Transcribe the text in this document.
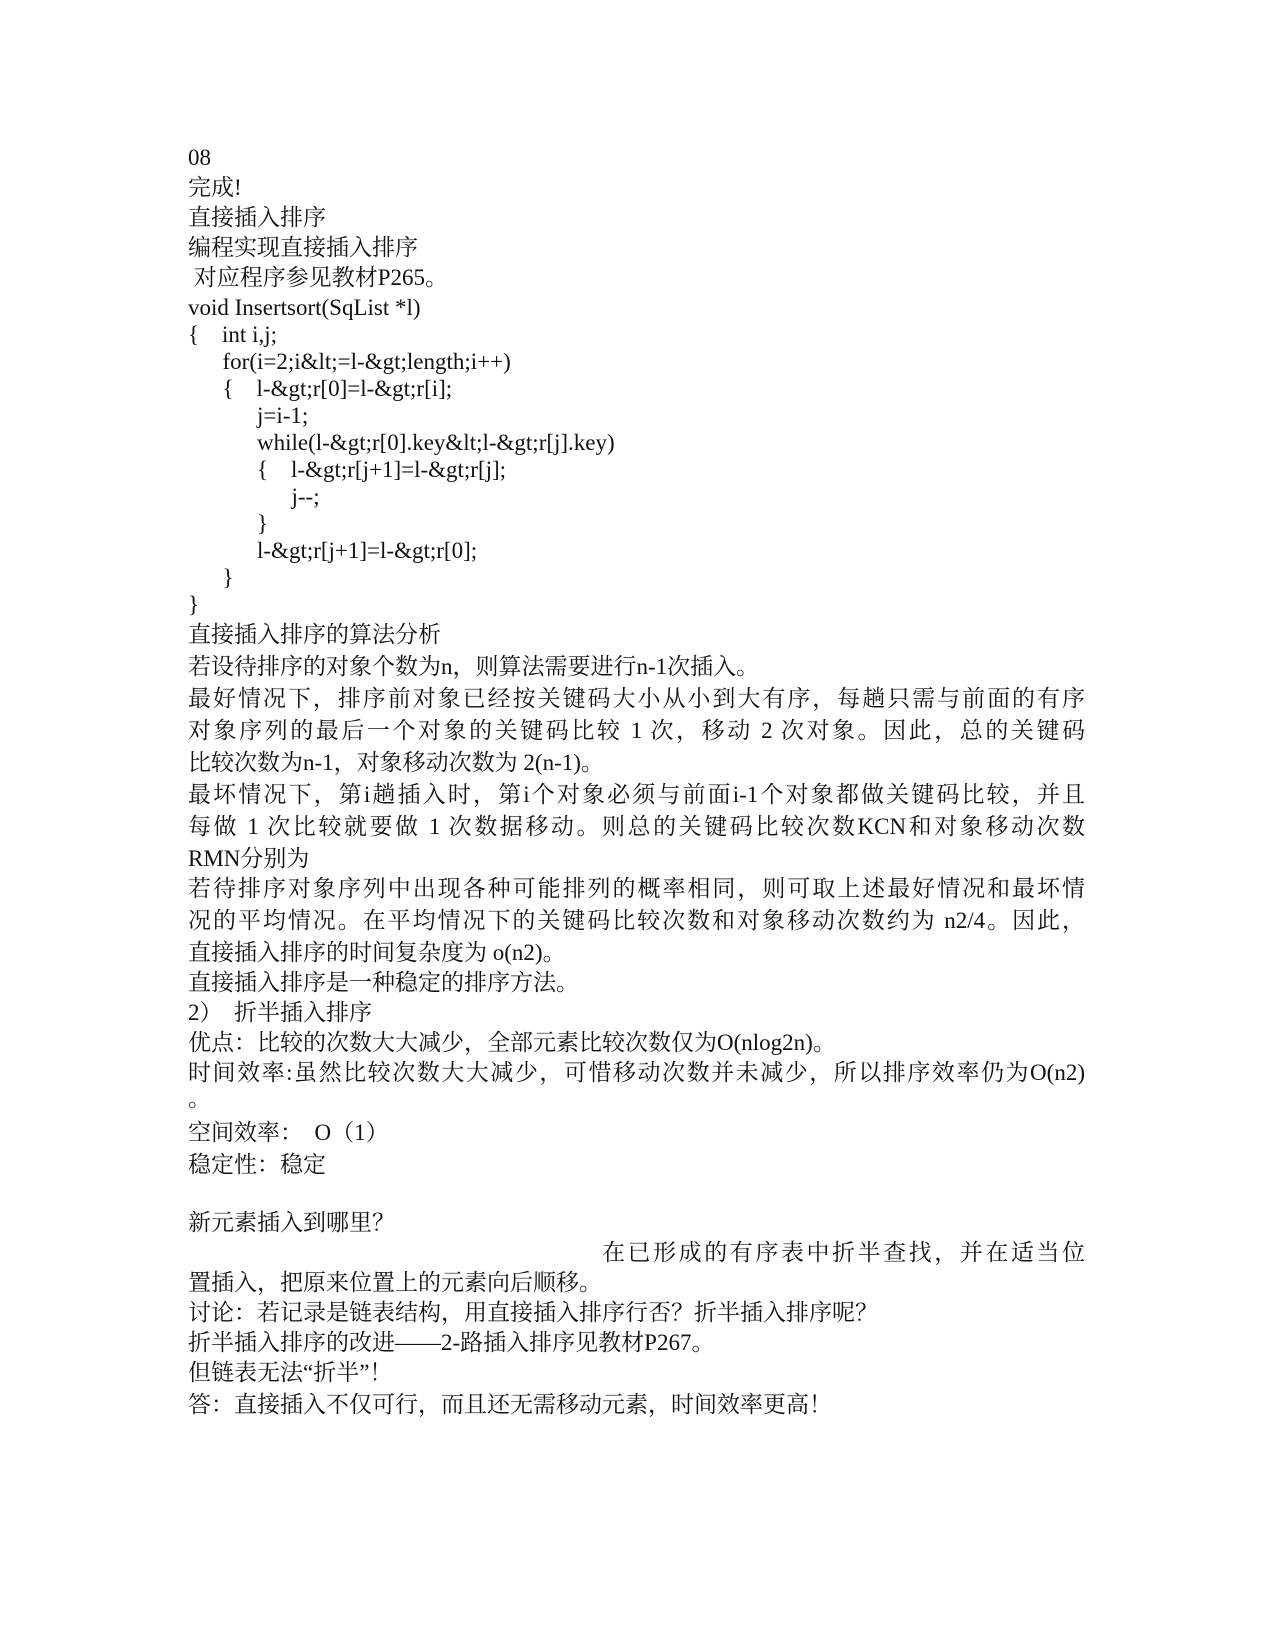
08
完成!
直接插入排序
编程实现直接插入排序
对应程序参见教材P265。
void Insertsort(SqList *l)
{    int i,j;
for(i=2;i&lt;=l-&gt;length;i++)
{    l-&gt;r[0]=l-&gt;r[i];
j=i-1;
while(l-&gt;r[0].key&lt;l-&gt;r[j].key)
{    l-&gt;r[j+1]=l-&gt;r[j];
j--;
}
l-&gt;r[j+1]=l-&gt;r[0];
}
}
直接插入排序的算法分析
若设待排序的对象个数为n，则算法需要进行n-1次插入。
最好情况下，排序前对象已经按关键码大小从小到大有序，每趟只需与前面的有序
对象序列的最后一个对象的关键码比较 1 次，移动 2 次对象。因此，总的关键码
比较次数为n-1，对象移动次数为 2(n-1)。
最坏情况下，第i趟插入时，第i个对象必须与前面i-1个对象都做关键码比较，并且
每做 1 次比较就要做 1 次数据移动。则总的关键码比较次数KCN和对象移动次数
RMN分别为
若待排序对象序列中出现各种可能排列的概率相同，则可取上述最好情况和最坏情
况的平均情况。在平均情况下的关键码比较次数和对象移动次数约为 n2/4。因此，
直接插入排序的时间复杂度为 o(n2)。
直接插入排序是一种稳定的排序方法。
2）  折半插入排序
优点：比较的次数大大减少，全部元素比较次数仅为O(nlog2n)。
时间效率:虽然比较次数大大减少，可惜移动次数并未减少，所以排序效率仍为O(n2)
。
空间效率：  O（1）
稳定性：稳定
新元素插入到哪里？
在已形成的有序表中折半查找，并在适当位
置插入，把原来位置上的元素向后顺移。
讨论：若记录是链表结构，用直接插入排序行否？折半插入排序呢？
折半插入排序的改进——2-路插入排序见教材P267。
但链表无法“折半”！
答：直接插入不仅可行，而且还无需移动元素，时间效率更高！
